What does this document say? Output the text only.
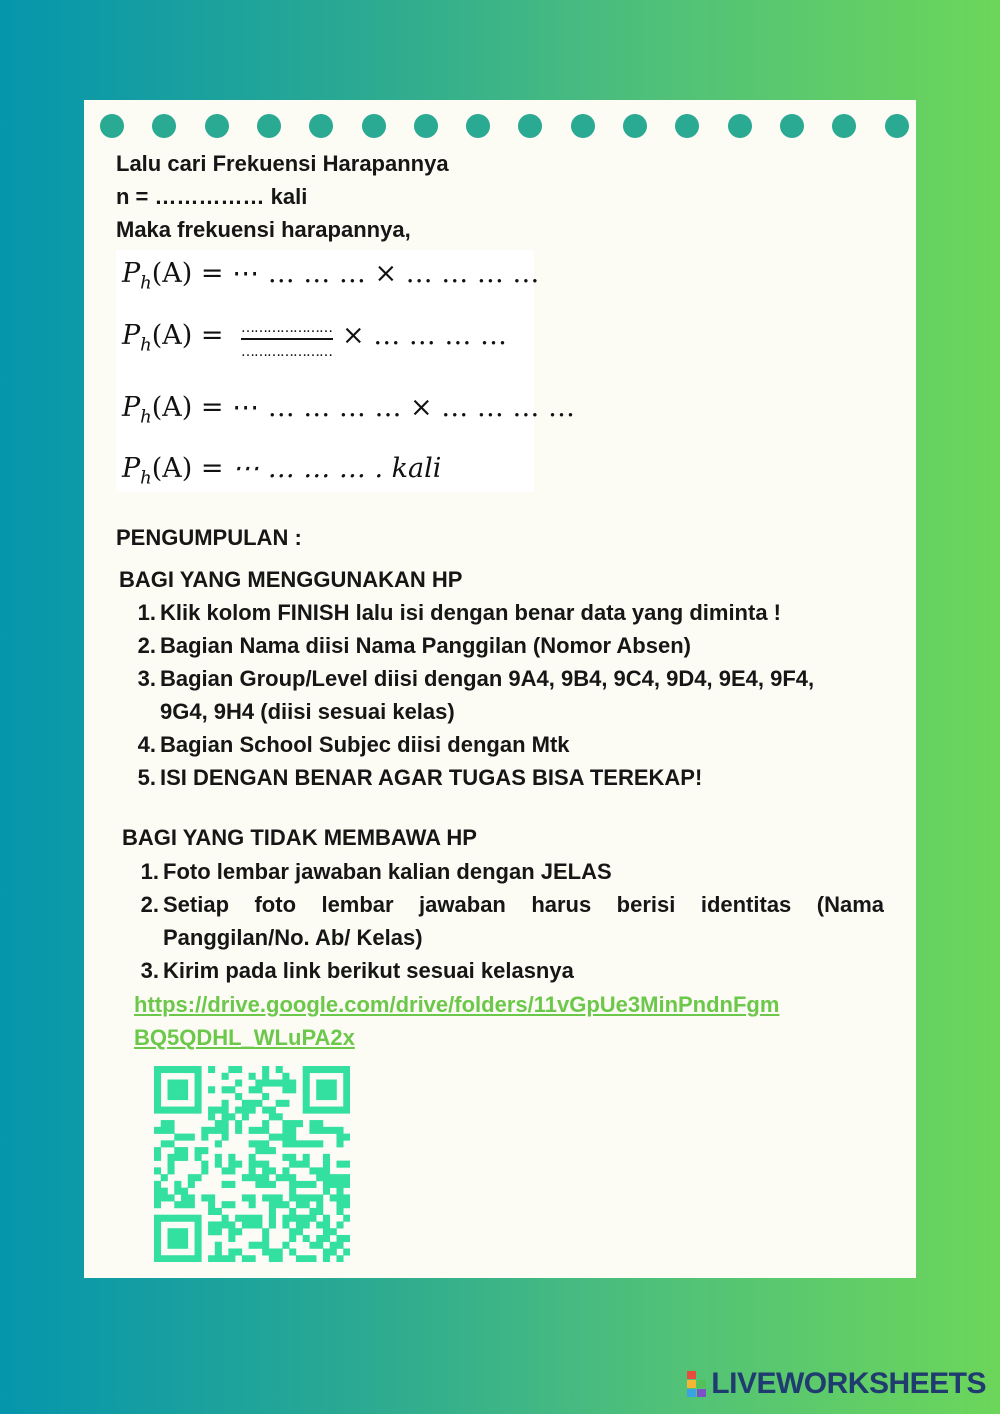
Lalu cari Frekuensi Harapannya
n = …………… kali
Maka frekuensi harapannya,
$P_h(A)$ = ⋯ … … … × … … … …
$P_h(A)$ = …………………
…………………
× … … … …
$P_h(A)$ = ⋯ … … … … × … … … …
$P_h(A)$ = ⋯ … … … . kali
PENGUMPULAN :
BAGI YANG MENGGUNAKAN HP
1. Klik kolom FINISH lalu isi dengan benar data yang diminta !
2. Bagian Nama diisi Nama Panggilan (Nomor Absen)
3. Bagian Group/Level diisi dengan 9A4, 9B4, 9C4, 9D4, 9E4, 9F4,
9G4, 9H4 (diisi sesuai kelas)
4. Bagian School Subjec diisi dengan Mtk
5. ISI DENGAN BENAR AGAR TUGAS BISA TEREKAP!
BAGI YANG TIDAK MEMBAWA HP
1. Foto lembar jawaban kalian dengan JELAS
2. Setiap foto lembar jawaban harus berisi identitas (Nama
Panggilan/No. Ab/ Kelas)
3. Kirim pada link berikut sesuai kelasnya
https://drive.google.com/drive/folders/11vGpUe3MinPndnFgm
BQ5QDHL_WLuPA2x
LIVEWORKSHEETS
